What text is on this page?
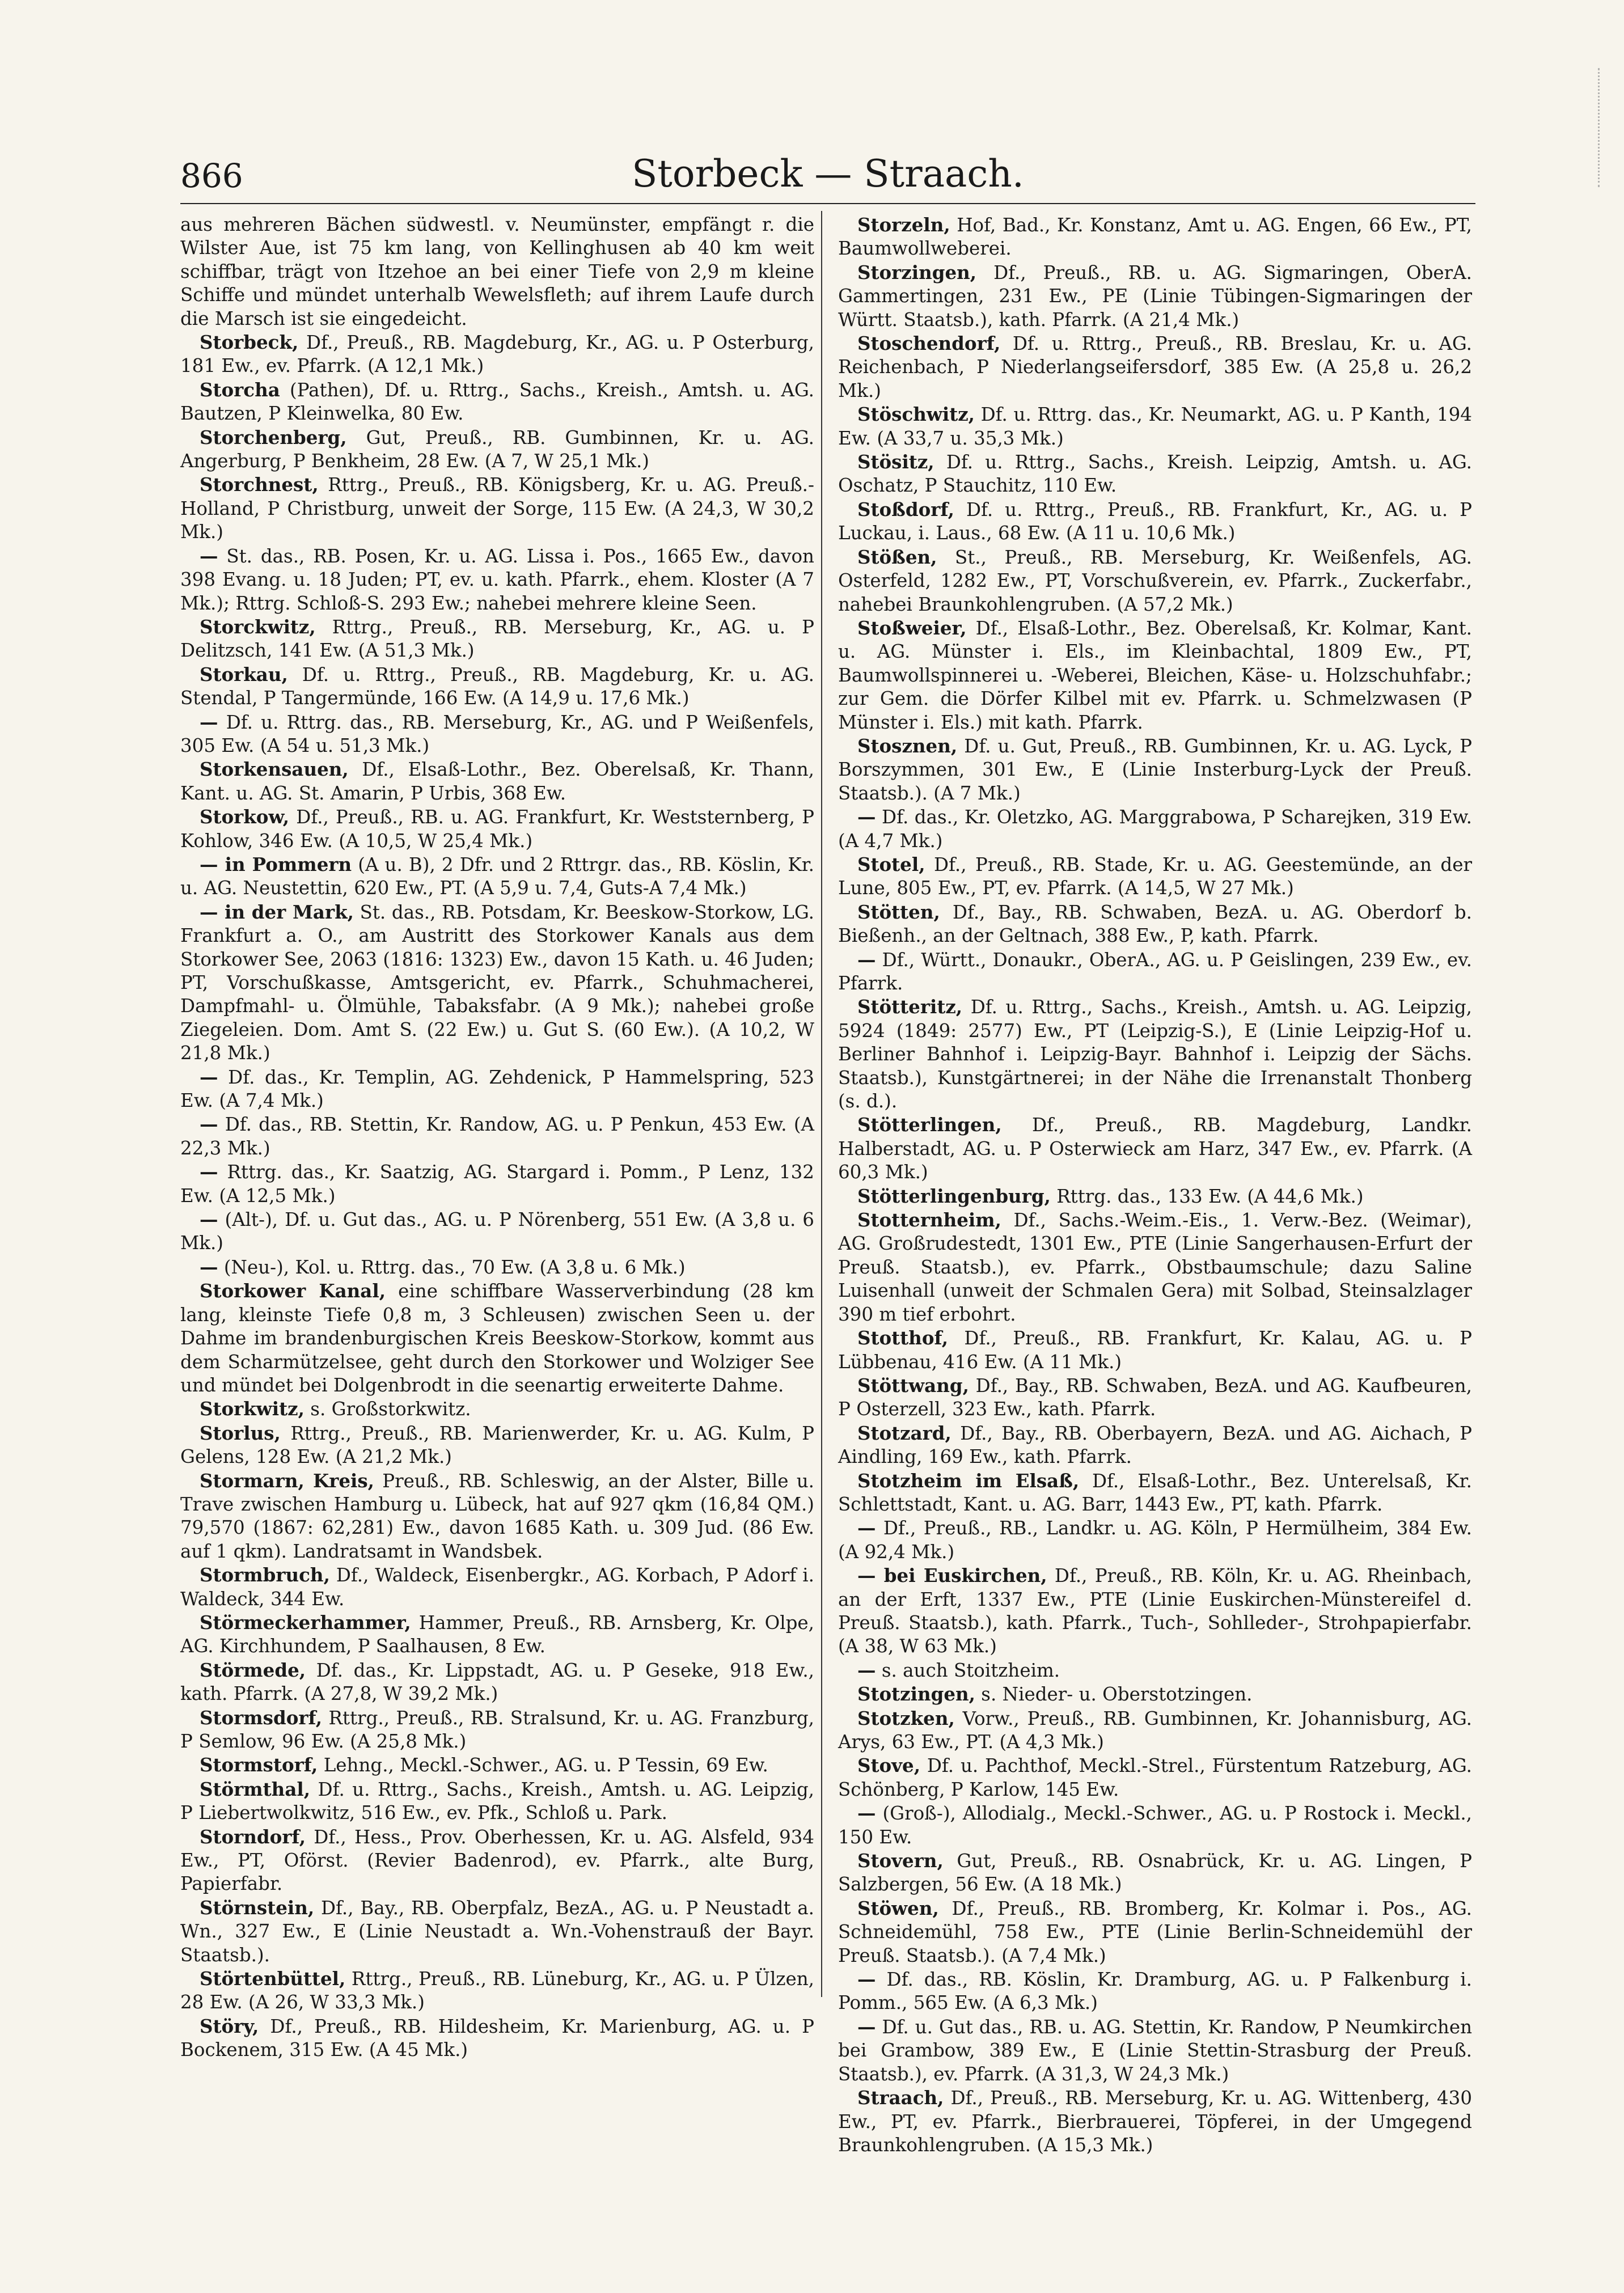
866	Storbeck — Straach.

aus mehreren Bächen südwestl. v. Neumünster, empfängt r. die Wilster Aue, ist 75 km lang, von Kellinghusen ab 40 km weit schiffbar, trägt von Itzehoe an bei einer Tiefe von 2,9 m kleine Schiffe und mündet unterhalb Wewelsfleth; auf ihrem Laufe durch die Marsch ist sie eingedeicht.

Storbeck, Df., Preuß., RB. Magdeburg, Kr., AG. u. P Osterburg, 181 Ew., ev. Pfarrk. (A 12,1 Mk.)

Storcha (Pathen), Df. u. Rttrg., Sachs., Kreish., Amtsh. u. AG. Bautzen, P Kleinwelka, 80 Ew.

Storchenberg, Gut, Preuß., RB. Gumbinnen, Kr. u. AG. Angerburg, P Benkheim, 28 Ew. (A 7, W 25,1 Mk.)

Storchnest, Rttrg., Preuß., RB. Königsberg, Kr. u. AG. Preuß.-Holland, P Christburg, unweit der Sorge, 115 Ew. (A 24,3, W 30,2 Mk.)

— St. das., RB. Posen, Kr. u. AG. Lissa i. Pos., 1665 Ew., davon 398 Evang. u. 18 Juden; PT, ev. u. kath. Pfarrk., ehem. Kloster (A 7 Mk.); Rttrg. Schloß-S. 293 Ew.; nahebei mehrere kleine Seen.

Storckwitz, Rttrg., Preuß., RB. Merseburg, Kr., AG. u. P Delitzsch, 141 Ew. (A 51,3 Mk.)

Storkau, Df. u. Rttrg., Preuß., RB. Magdeburg, Kr. u. AG. Stendal, P Tangermünde, 166 Ew. (A 14,9 u. 17,6 Mk.)

— Df. u. Rttrg. das., RB. Merseburg, Kr., AG. und P Weißenfels, 305 Ew. (A 54 u. 51,3 Mk.)

Storkensauen, Df., Elsaß-Lothr., Bez. Oberelsaß, Kr. Thann, Kant. u. AG. St. Amarin, P Urbis, 368 Ew.

Storkow, Df., Preuß., RB. u. AG. Frankfurt, Kr. Weststernberg, P Kohlow, 346 Ew. (A 10,5, W 25,4 Mk.)

— in Pommern (A u. B), 2 Dfr. und 2 Rttrgr. das., RB. Köslin, Kr. u. AG. Neustettin, 620 Ew., PT. (A 5,9 u. 7,4, Guts-A 7,4 Mk.)

— in der Mark, St. das., RB. Potsdam, Kr. Beeskow-Storkow, LG. Frankfurt a. O., am Austritt des Storkower Kanals aus dem Storkower See, 2063 (1816: 1323) Ew., davon 15 Kath. u. 46 Juden; PT, Vorschußkasse, Amtsgericht, ev. Pfarrk., Schuhmacherei, Dampfmahl- u. Ölmühle, Tabaksfabr. (A 9 Mk.); nahebei große Ziegeleien. Dom. Amt S. (22 Ew.) u. Gut S. (60 Ew.). (A 10,2, W 21,8 Mk.)

— Df. das., Kr. Templin, AG. Zehdenick, P Hammelspring, 523 Ew. (A 7,4 Mk.)

— Df. das., RB. Stettin, Kr. Randow, AG. u. P Penkun, 453 Ew. (A 22,3 Mk.)

— Rttrg. das., Kr. Saatzig, AG. Stargard i. Pomm., P Lenz, 132 Ew. (A 12,5 Mk.)

— (Alt-), Df. u. Gut das., AG. u. P Nörenberg, 551 Ew. (A 3,8 u. 6 Mk.)

— (Neu-), Kol. u. Rttrg. das., 70 Ew. (A 3,8 u. 6 Mk.)

Storkower Kanal, eine schiffbare Wasserverbindung (28 km lang, kleinste Tiefe 0,8 m, 3 Schleusen) zwischen Seen u. der Dahme im brandenburgischen Kreis Beeskow-Storkow, kommt aus dem Scharmützelsee, geht durch den Storkower und Wolziger See und mündet bei Dolgenbrodt in die seenartig erweiterte Dahme.

Storkwitz, s. Großstorkwitz.

Storlus, Rttrg., Preuß., RB. Marienwerder, Kr. u. AG. Kulm, P Gelens, 128 Ew. (A 21,2 Mk.)

Stormarn, Kreis, Preuß., RB. Schleswig, an der Alster, Bille u. Trave zwischen Hamburg u. Lübeck, hat auf 927 qkm (16,84 QM.) 79,570 (1867: 62,281) Ew., davon 1685 Kath. u. 309 Jud. (86 Ew. auf 1 qkm). Landratsamt in Wandsbek.

Stormbruch, Df., Waldeck, Eisenbergkr., AG. Korbach, P Adorf i. Waldeck, 344 Ew.

Störmeckerhammer, Hammer, Preuß., RB. Arnsberg, Kr. Olpe, AG. Kirchhundem, P Saalhausen, 8 Ew.

Störmede, Df. das., Kr. Lippstadt, AG. u. P Geseke, 918 Ew., kath. Pfarrk. (A 27,8, W 39,2 Mk.)

Stormsdorf, Rttrg., Preuß., RB. Stralsund, Kr. u. AG. Franzburg, P Semlow, 96 Ew. (A 25,8 Mk.)

Stormstorf, Lehng., Meckl.-Schwer., AG. u. P Tessin, 69 Ew.

Störmthal, Df. u. Rttrg., Sachs., Kreish., Amtsh. u. AG. Leipzig, P Liebertwolkwitz, 516 Ew., ev. Pfk., Schloß u. Park.

Storndorf, Df., Hess., Prov. Oberhessen, Kr. u. AG. Alsfeld, 934 Ew., PT, Oförst. (Revier Badenrod), ev. Pfarrk., alte Burg, Papierfabr.

Störnstein, Df., Bay., RB. Oberpfalz, BezA., AG. u. P Neustadt a. Wn., 327 Ew., E (Linie Neustadt a. Wn.-Vohenstrauß der Bayr. Staatsb.).

Störtenbüttel, Rttrg., Preuß., RB. Lüneburg, Kr., AG. u. P Ülzen, 28 Ew. (A 26, W 33,3 Mk.)

Störy, Df., Preuß., RB. Hildesheim, Kr. Marienburg, AG. u. P Bockenem, 315 Ew. (A 45 Mk.)

Storzeln, Hof, Bad., Kr. Konstanz, Amt u. AG. Engen, 66 Ew., PT, Baumwollweberei.

Storzingen, Df., Preuß., RB. u. AG. Sigmaringen, OberA. Gammertingen, 231 Ew., PE (Linie Tübingen-Sigmaringen der Württ. Staatsb.), kath. Pfarrk. (A 21,4 Mk.)

Stoschendorf, Df. u. Rttrg., Preuß., RB. Breslau, Kr. u. AG. Reichenbach, P Niederlangseifersdorf, 385 Ew. (A 25,8 u. 26,2 Mk.)

Stöschwitz, Df. u. Rttrg. das., Kr. Neumarkt, AG. u. P Kanth, 194 Ew. (A 33,7 u. 35,3 Mk.)

Stösitz, Df. u. Rttrg., Sachs., Kreish. Leipzig, Amtsh. u. AG. Oschatz, P Stauchitz, 110 Ew.

Stoßdorf, Df. u. Rttrg., Preuß., RB. Frankfurt, Kr., AG. u. P Luckau, i. Laus., 68 Ew. (A 11 u. 10,6 Mk.)

Stößen, St., Preuß., RB. Merseburg, Kr. Weißenfels, AG. Osterfeld, 1282 Ew., PT, Vorschußverein, ev. Pfarrk., Zuckerfabr., nahebei Braunkohlengruben. (A 57,2 Mk.)

Stoßweier, Df., Elsaß-Lothr., Bez. Oberelsaß, Kr. Kolmar, Kant. u. AG. Münster i. Els., im Kleinbachtal, 1809 Ew., PT, Baumwollspinnerei u. -Weberei, Bleichen, Käse- u. Holzschuhfabr.; zur Gem. die Dörfer Kilbel mit ev. Pfarrk. u. Schmelzwasen (P Münster i. Els.) mit kath. Pfarrk.

Stosznen, Df. u. Gut, Preuß., RB. Gumbinnen, Kr. u. AG. Lyck, P Borszymmen, 301 Ew., E (Linie Insterburg-Lyck der Preuß. Staatsb.). (A 7 Mk.)

— Df. das., Kr. Oletzko, AG. Marggrabowa, P Scharejken, 319 Ew. (A 4,7 Mk.)

Stotel, Df., Preuß., RB. Stade, Kr. u. AG. Geestemünde, an der Lune, 805 Ew., PT, ev. Pfarrk. (A 14,5, W 27 Mk.)

Stötten, Df., Bay., RB. Schwaben, BezA. u. AG. Oberdorf b. Bießenh., an der Geltnach, 388 Ew., P, kath. Pfarrk.

— Df., Württ., Donaukr., OberA., AG. u. P Geislingen, 239 Ew., ev. Pfarrk.

Stötteritz, Df. u. Rttrg., Sachs., Kreish., Amtsh. u. AG. Leipzig, 5924 (1849: 2577) Ew., PT (Leipzig-S.), E (Linie Leipzig-Hof u. Berliner Bahnhof i. Leipzig-Bayr. Bahnhof i. Leipzig der Sächs. Staatsb.), Kunstgärtnerei; in der Nähe die Irrenanstalt Thonberg (s. d.).

Stötterlingen, Df., Preuß., RB. Magdeburg, Landkr. Halberstadt, AG. u. P Osterwieck am Harz, 347 Ew., ev. Pfarrk. (A 60,3 Mk.)

Stötterlingenburg, Rttrg. das., 133 Ew. (A 44,6 Mk.)

Stotternheim, Df., Sachs.-Weim.-Eis., 1. Verw.-Bez. (Weimar), AG. Großrudestedt, 1301 Ew., PTE (Linie Sangerhausen-Erfurt der Preuß. Staatsb.), ev. Pfarrk., Obstbaumschule; dazu Saline Luisenhall (unweit der Schmalen Gera) mit Solbad, Steinsalzlager 390 m tief erbohrt.

Stotthof, Df., Preuß., RB. Frankfurt, Kr. Kalau, AG. u. P Lübbenau, 416 Ew. (A 11 Mk.)

Stöttwang, Df., Bay., RB. Schwaben, BezA. und AG. Kaufbeuren, P Osterzell, 323 Ew., kath. Pfarrk.

Stotzard, Df., Bay., RB. Oberbayern, BezA. und AG. Aichach, P Aindling, 169 Ew., kath. Pfarrk.

Stotzheim im Elsaß, Df., Elsaß-Lothr., Bez. Unterelsaß, Kr. Schlettstadt, Kant. u. AG. Barr, 1443 Ew., PT, kath. Pfarrk.

— Df., Preuß., RB., Landkr. u. AG. Köln, P Hermülheim, 384 Ew. (A 92,4 Mk.)

— bei Euskirchen, Df., Preuß., RB. Köln, Kr. u. AG. Rheinbach, an der Erft, 1337 Ew., PTE (Linie Euskirchen-Münstereifel d. Preuß. Staatsb.), kath. Pfarrk., Tuch-, Sohlleder-, Strohpapierfabr. (A 38, W 63 Mk.)

— s. auch Stoitzheim.

Stotzingen, s. Nieder- u. Oberstotzingen.

Stotzken, Vorw., Preuß., RB. Gumbinnen, Kr. Johannisburg, AG. Arys, 63 Ew., PT. (A 4,3 Mk.)

Stove, Df. u. Pachthof, Meckl.-Strel., Fürstentum Ratzeburg, AG. Schönberg, P Karlow, 145 Ew.

— (Groß-), Allodialg., Meckl.-Schwer., AG. u. P Rostock i. Meckl., 150 Ew.

Stovern, Gut, Preuß., RB. Osnabrück, Kr. u. AG. Lingen, P Salzbergen, 56 Ew. (A 18 Mk.)

Stöwen, Df., Preuß., RB. Bromberg, Kr. Kolmar i. Pos., AG. Schneidemühl, 758 Ew., PTE (Linie Berlin-Schneidemühl der Preuß. Staatsb.). (A 7,4 Mk.)

— Df. das., RB. Köslin, Kr. Dramburg, AG. u. P Falkenburg i. Pomm., 565 Ew. (A 6,3 Mk.)

— Df. u. Gut das., RB. u. AG. Stettin, Kr. Randow, P Neumkirchen bei Grambow, 389 Ew., E (Linie Stettin-Strasburg der Preuß. Staatsb.), ev. Pfarrk. (A 31,3, W 24,3 Mk.)

Straach, Df., Preuß., RB. Merseburg, Kr. u. AG. Wittenberg, 430 Ew., PT, ev. Pfarrk., Bierbrauerei, Töpferei, in der Umgegend Braunkohlengruben. (A 15,3 Mk.)
